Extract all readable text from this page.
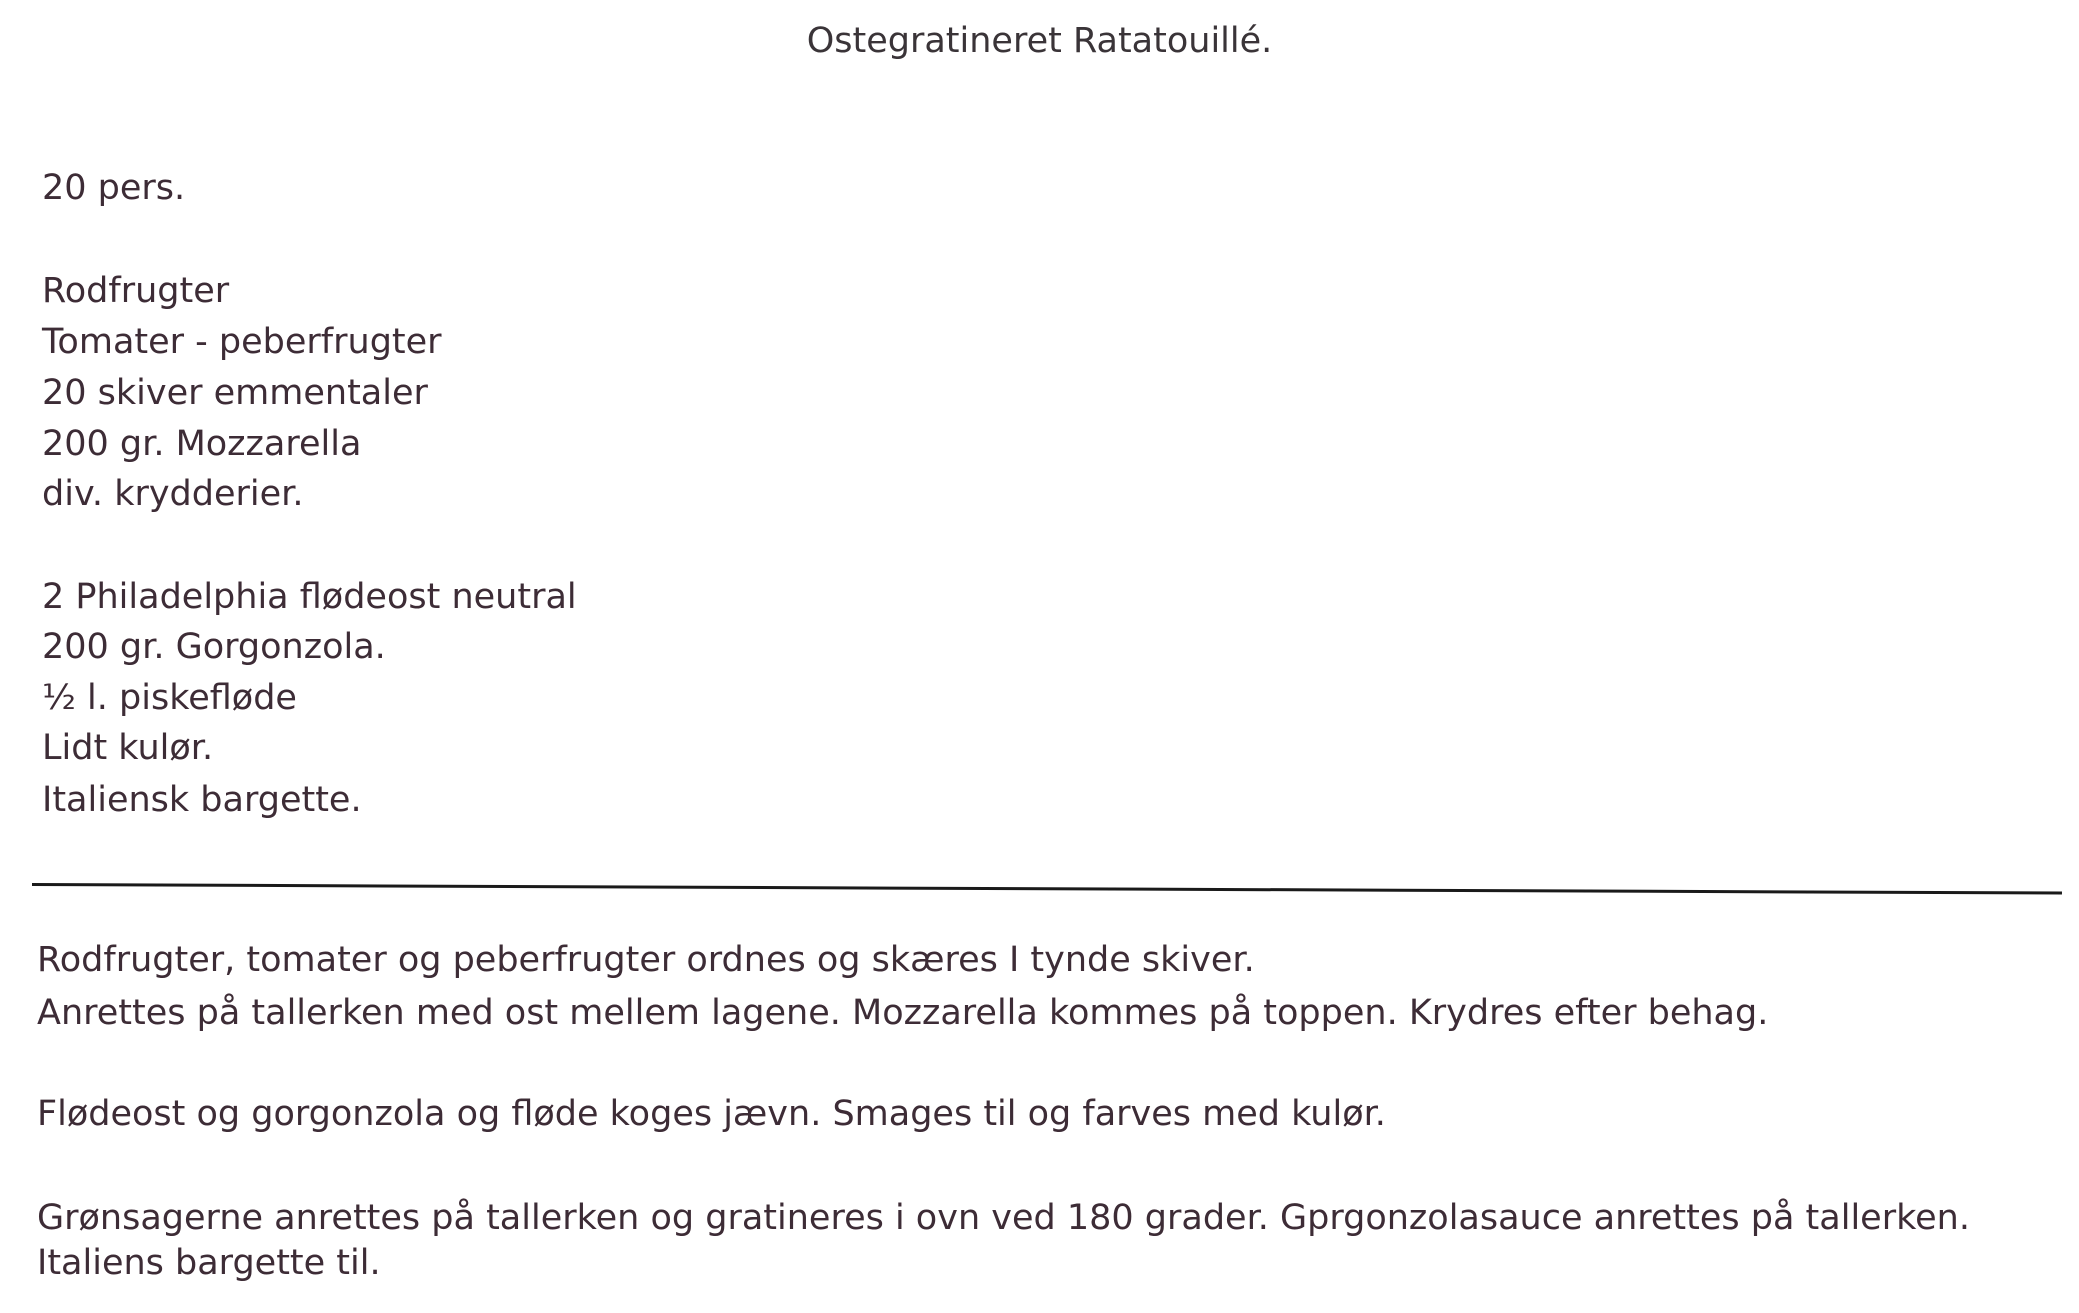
Ostegratineret Ratatouillé.
20 pers.
Rodfrugter
Tomater - peberfrugter
20 skiver emmentaler
200 gr. Mozzarella
div. krydderier.
2 Philadelphia flødeost neutral
200 gr. Gorgonzola.
½ l. piskefløde
Lidt kulør.
Italiensk bargette.
Rodfrugter, tomater og peberfrugter ordnes og skæres I tynde skiver.
Anrettes på tallerken med ost mellem lagene. Mozzarella kommes på toppen. Krydres efter behag.
Flødeost og gorgonzola og fløde koges jævn. Smages til og farves med kulør.
Grønsagerne anrettes på tallerken og gratineres i ovn ved 180 grader. Gprgonzolasauce anrettes på tallerken.
Italiens bargette til.
